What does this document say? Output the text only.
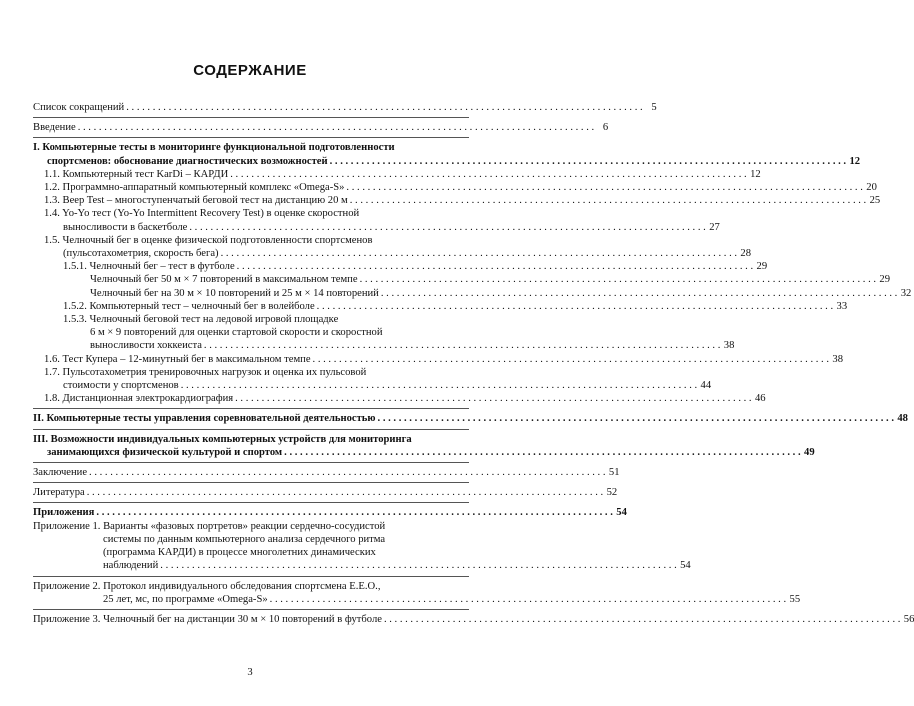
СОДЕРЖАНИЕ
Список сокращений . . .	5
Введение . . .	6
I. Компьютерные тесты в мониторинге функциональной подготовленности
спортсменов: обоснование диагностических возможностей . . .	12
1.1. Компьютерный тест KarDi – КАРДИ . . .	12
1.2. Программно-аппаратный компьютерный комплекс «Omega-S» . . .	20
1.3. Beep Test – многоступенчатый беговой тест на дистанцию 20 м . . .	25
1.4. Yo-Yo тест (Yo-Yo Intermittent Recovery Test) в оценке скоростной
выносливости в баскетболе . . .	27
1.5. Челночный бег в оценке физической подготовленности спортсменов
(пульсотахометрия, скорость бега) . . .	28
1.5.1. Челночный бег – тест в футболе . . .	29
Челночный бег 50 м × 7 повторений в максимальном темпе . . .	29
Челночный бег на 30 м × 10 повторений и 25 м × 14 повторений . . .	32
1.5.2. Компьютерный тест – челночный бег в волейболе . . .	33
1.5.3. Челночный беговой тест на ледовой игровой площадке
6 м × 9 повторений для оценки стартовой скорости и скоростной
выносливости хоккеиста . . .	38
1.6. Тест Купера – 12-минутный бег в максимальном темпе . . .	38
1.7. Пульсотахометрия тренировочных нагрузок и оценка их пульсовой
стоимости у спортсменов . . .	44
1.8. Дистанционная электрокардиография . . .	46
II. Компьютерные тесты управления соревновательной деятельностью . . .	48
III. Возможности индивидуальных компьютерных устройств для мониторинга
занимающихся физической культурой и спортом . . .	49
Заключение . . .	51
Литература . . .	52
Приложения . . .	54
Приложение 1. Варианты «фазовых портретов» реакции сердечно-сосудистой
системы по данным компьютерного анализа сердечного ритма
(программа КАРДИ) в процессе многолетних динамических
наблюдений . . .	54
Приложение 2. Протокол индивидуального обследования спортсмена Е.Е.О.,
25 лет, мс, по программе «Omega-S» . . .	55
Приложение 3. Челночный бег на дистанции 30 м × 10 повторений в футболе . . .	56
3
